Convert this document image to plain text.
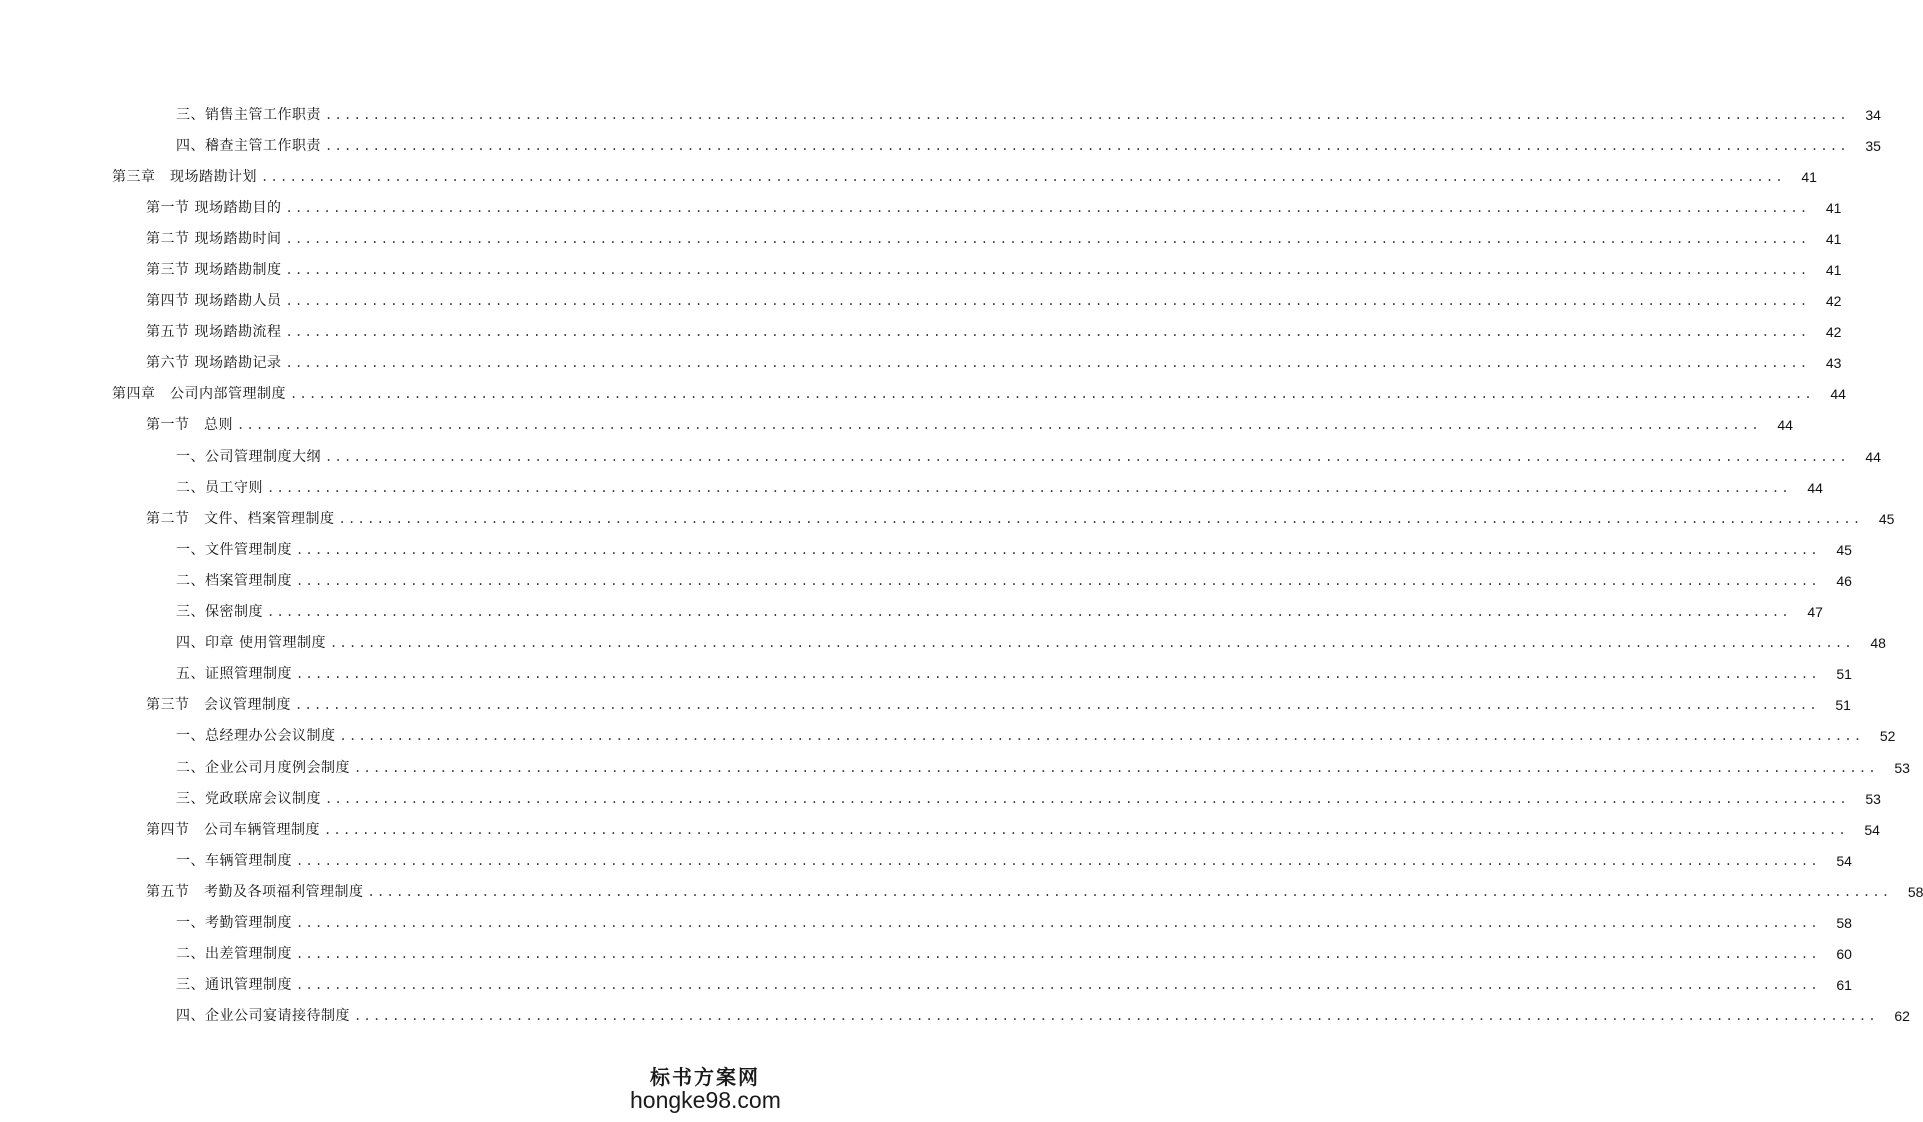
三、销售主管工作职责 ................................................................................................................................................................	34
四、稽查主管工作职责 ................................................................................................................................................................	35
第三章　现场踏勘计划 ................................................................................................................................................................	41
第一节 现场踏勘目的 ................................................................................................................................................................	41
第二节 现场踏勘时间 ................................................................................................................................................................	41
第三节 现场踏勘制度 ................................................................................................................................................................	41
第四节 现场踏勘人员 ................................................................................................................................................................	42
第五节 现场踏勘流程 ................................................................................................................................................................	42
第六节 现场踏勘记录 ................................................................................................................................................................	43
第四章　公司内部管理制度 ................................................................................................................................................................	44
第一节　总则 ................................................................................................................................................................	44
一、公司管理制度大纲 ................................................................................................................................................................	44
二、员工守则 ................................................................................................................................................................	44
第二节　文件、档案管理制度 ................................................................................................................................................................	45
一、文件管理制度 ................................................................................................................................................................	45
二、档案管理制度 ................................................................................................................................................................	46
三、保密制度 ................................................................................................................................................................	47
四、印章 使用管理制度 ................................................................................................................................................................	48
五、证照管理制度 ................................................................................................................................................................	51
第三节　会议管理制度 ................................................................................................................................................................	51
一、总经理办公会议制度 ................................................................................................................................................................	52
二、企业公司月度例会制度 ................................................................................................................................................................	53
三、党政联席会议制度 ................................................................................................................................................................	53
第四节　公司车辆管理制度 ................................................................................................................................................................	54
一、车辆管理制度 ................................................................................................................................................................	54
第五节　考勤及各项福利管理制度 ................................................................................................................................................................	58
一、考勤管理制度 ................................................................................................................................................................	58
二、出差管理制度 ................................................................................................................................................................	60
三、通讯管理制度 ................................................................................................................................................................	61
四、企业公司宴请接待制度 ................................................................................................................................................................	62
标书方案网
hongke98.com
